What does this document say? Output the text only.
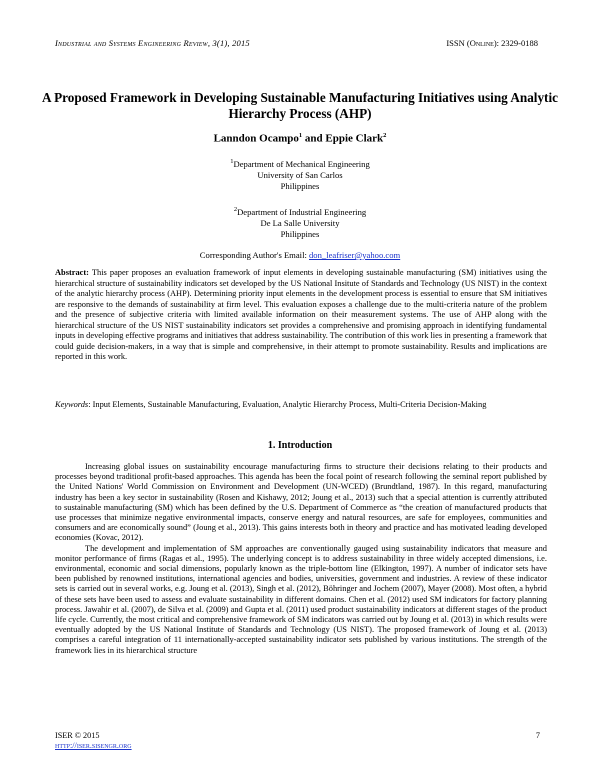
Industrial and Systems Engineering Review, 3(1), 2015	ISSN (Online): 2329-0188
A Proposed Framework in Developing Sustainable Manufacturing Initiatives using Analytic Hierarchy Process (AHP)
Lanndon Ocampo$^1$ and Eppie Clark$^2$
$^1$Department of Mechanical Engineering
University of San Carlos
Philippines
$^2$Department of Industrial Engineering
De La Salle University
Philippines
Corresponding Author's Email: don_leafriser@yahoo.com
Abstract: This paper proposes an evaluation framework of input elements in developing sustainable manufacturing (SM) initiatives using the hierarchical structure of sustainability indicators set developed by the US National Insitute of Standards and Technology (US NIST) in the context of the analytic hierarchy process (AHP). Determining priority input elements in the development process is essential to ensure that SM initiatives are responsive to the demands of sustainability at firm level. This evaluation exposes a challenge due to the multi-criteria nature of the problem and the presence of subjective criteria with limited available information on their measurement systems. The use of AHP along with the hierarchical structure of the US NIST sustainability indicators set provides a comprehensive and promising approach in identifying fundamental inputs in developing effective programs and initiatives that address sustainability. The contribution of this work lies in presenting a framework that could guide decision-makers, in a way that is simple and comprehensive, in their attempt to promote sustainability. Results and implications are reported in this work.
Keywords: Input Elements, Sustainable Manufacturing, Evaluation, Analytic Hierarchy Process, Multi-Criteria Decision-Making
1. Introduction

Increasing global issues on sustainability encourage manufacturing firms to structure their decisions relating to their products and processes beyond traditional profit-based approaches. This agenda has been the focal point of research following the seminal report published by the United Nations' World Commission on Environment and Development (UN-WCED) (Brundtland, 1987). In this regard, manufacturing industry has been a key sector in sustainability (Rosen and Kishawy, 2012; Joung et al., 2013) such that a special attention is currently attributed to sustainable manufacturing (SM) which has been defined by the U.S. Department of Commerce as “the creation of manufactured products that use processes that minimize negative environmental impacts, conserve energy and natural resources, are safe for employees, communities and consumers and are economically sound” (Joung et al., 2013). This gains interests both in theory and practice and has motivated leading developed economies (Kovac, 2012).

The development and implementation of SM approaches are conventionally gauged using sustainability indicators that measure and monitor performance of firms (Ragas et al., 1995). The underlying concept is to address sustainability in three widely accepted dimensions, i.e. environmental, economic and social dimensions, popularly known as the triple-bottom line (Elkington, 1997). A number of indicator sets have been published by renowned institutions, international agencies and bodies, universities, government and industries. A review of these indicator sets is carried out in several works, e.g. Joung et al. (2013), Singh et al. (2012), Böhringer and Jochem (2007), Mayer (2008). Most often, a hybrid of these sets have been used to assess and evaluate sustainability in different domains. Chen et al. (2012) used SM indicators for factory planning process. Jawahir et al. (2007), de Silva et al. (2009) and Gupta et al. (2011) used product sustainability indicators at different stages of the product life cycle. Currently, the most critical and comprehensive framework of SM indicators was carried out by Joung et al. (2013) in which results were eventually adopted by the US National Institute of Standards and Technology (US NIST). The proposed framework of Joung et al. (2013) comprises a careful integration of 11 internationally-accepted sustainability indicator sets published by various institutions. The strength of the framework lies in its hierarchical structure

ISER © 2015
http://iser.sisengr.org
7
